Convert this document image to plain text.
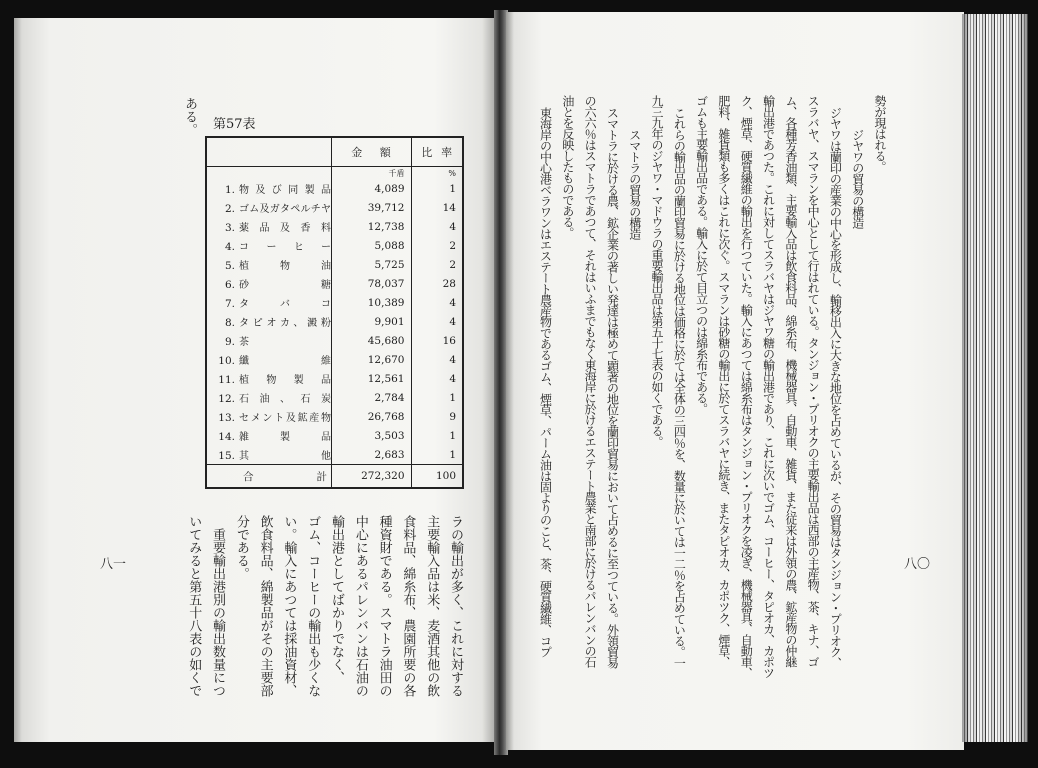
ある。 第57表
	金額	比率
	千盾	%
1. 物及び同製品	4,089	1
2. ゴム及ガタペルチヤ	39,712	14
3. 薬品及香料	12,738	4
4. コーヒー	5,088	2
5. 植物油	5,725	2
6. 砂糖	78,037	28
7. タバコ	10,389	4
8. タピオカ、澱粉	9,901	4
9. 茶	45,680	16
10. 纖維	12,670	4
11. 植物製品	12,561	4
12. 石油、石炭	2,784	1
13. セメント及鉱産物	26,768	9
14. 雑製品	3,503	1
15. 其他	2,683	1
合計	272,320	100
ラの輸出が多く、これに対する
主要輸入品は米、麦酒其他の飲
食料品、綿糸布、農園所要の各
種資財である。スマトラ油田の
中心にあるパレンバンは石油の
輸出港としてばかりでなく、
ゴム、コーヒーの輸出も少くな
い。輸入にあつては採油資材、
飲食料品、綿製品がその主要部
分である。
重要輸出港別の輸出数量につ
いてみると第五十八表の如くで
八一
勢が現はれる。
ジヤワの貿易の構造
ジヤワは蘭印の産業の中心を形成し、輸移出入に大きな地位を占めているが、その貿易はタンジョン・プリオク、
スラバヤ、スマランを中心として行はれている。タンジョン・プリオクの主要輸出品は西部の主産物、茶、キナ、ゴ
ム、各種芳香油類、主要輸入品は飲食料品、綿糸布、機械器具、自動車、雑貨、また従来は外領の農、鉱産物の仲継
輸出港であつた。これに対してスラバヤはジヤワ糖の輸出港であり、これに次いでゴム、コーヒー、タピオカ、カポツ
ク、煙草、硬質繊維の輸出を行つていた。輸入にあつては綿糸布はタンジョン・プリオクを凌ぎ、機械器具、自動車、
肥料、雑貨類も多くはこれに次ぐ。スマランは砂糖の輸出に於てスラバヤに続き、またタピオカ、カポツク、煙草、
ゴムも主要輸出品である。輸入に於て目立つのは綿糸布である。
これらの輸出品の蘭印貿易に於ける地位は価格に於ては全体の三四％を、数量に於いては一二％を占めている。一
九三九年のジヤワ・マドウラの重要輸出品は第五十七表の如くである。
スマトラの貿易の構造
スマトラに於ける農、鉱企業の著しい発達は極めて顕著の地位を蘭印貿易において占めるに至つている。外領貿易
の六六％はスマトラであつて、それはいふまでもなく東海岸に於けるエステート農業と南部に於けるパレンバンの石
油とを反映したものである。
東海岸の中心港ベラワンはエステート農産物であるゴム、煙草、パーム油は固よりのこと、茶、硬質繊維、コプ	八〇
